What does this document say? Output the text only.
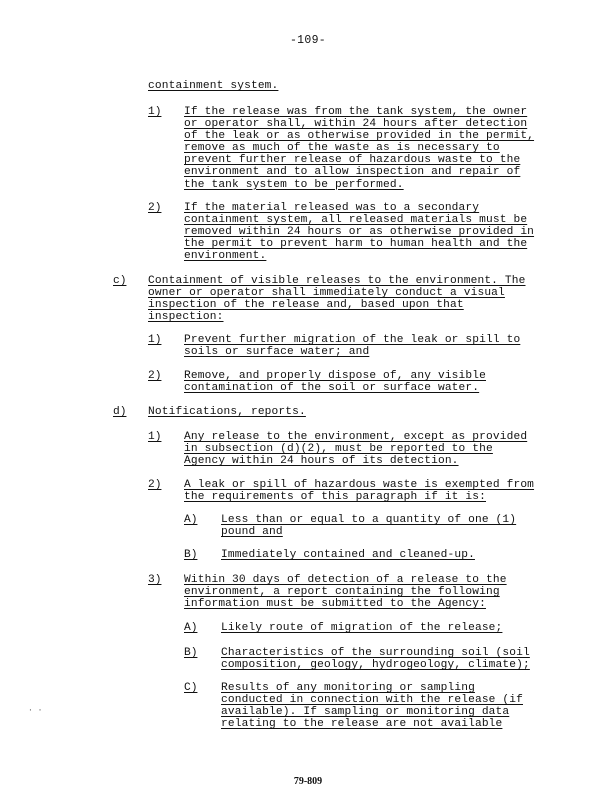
-109-
containment system.
1) If the release was from the tank system, the owner
or operator shall, within 24 hours after detection
of the leak or as otherwise provided in the permit,
remove as much of the waste as is necessary to
prevent further release of hazardous waste to the
environment and to allow inspection and repair of
the tank system to be performed.
2) If the material released was to a secondary
containment system, all released materials must be
removed within 24 hours or as otherwise provided in
the permit to prevent harm to human health and the
environment.
c) Containment of visible releases to the environment. The
owner or operator shall immediately conduct a visual
inspection of the release and, based upon that
inspection:
1) Prevent further migration of the leak or spill to
soils or surface water; and
2) Remove, and properly dispose of, any visible
contamination of the soil or surface water.
d) Notifications, reports.
1) Any release to the environment, except as provided
in subsection (d)(2), must be reported to the
Agency within 24 hours of its detection.
2) A leak or spill of hazardous waste is exempted from
the requirements of this paragraph if it is:
A) Less than or equal to a quantity of one (1)
pound and
B) Immediately contained and cleaned-up.
3) Within 30 days of detection of a release to the
environment, a report containing the following
information must be submitted to the Agency:
A) Likely route of migration of the release;
B) Characteristics of the surrounding soil (soil
composition, geology, hydrogeology, climate);
C) Results of any monitoring or sampling
conducted in connection with the release (if
available). If sampling or monitoring data
relating to the release are not available
· ·
79-809
